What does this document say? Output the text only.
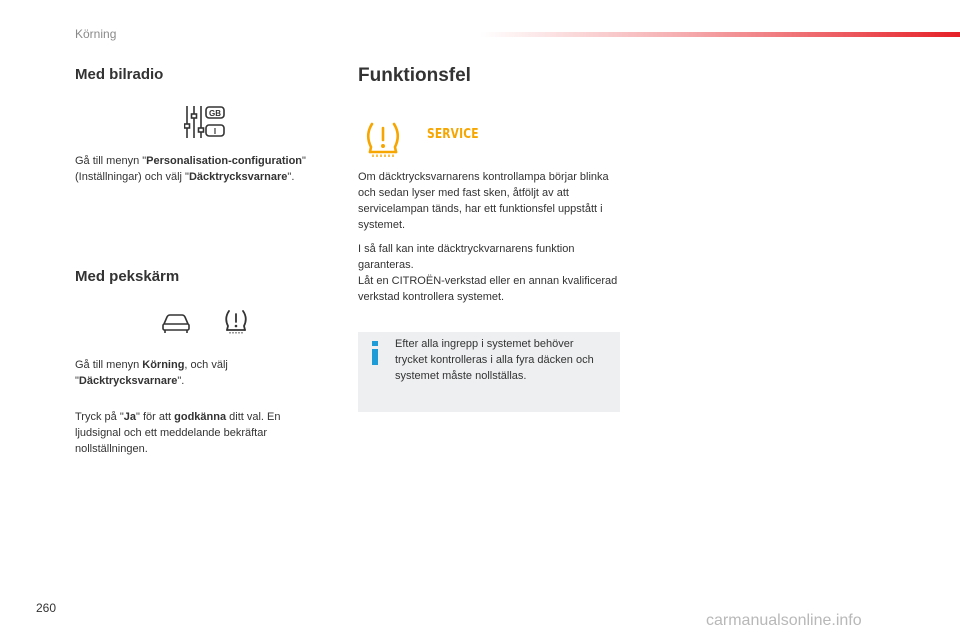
Körning
Med bilradio
GB
I

Gå till menyn "Personalisation-configuration" (Inställningar) och välj "Däcktrycksvarnare".

Med pekskärm

Gå till menyn Körning, och välj "Däcktrycksvarnare".

Tryck på "Ja" för att godkänna ditt val. En ljudsignal och ett meddelande bekräftar nollställningen.

Funktionsfel
SERVICE

Om däcktrycksvarnarens kontrollampa börjar blinka och sedan lyser med fast sken, åtföljt av att servicelampan tänds, har ett funktionsfel uppstått i systemet.

I så fall kan inte däcktryckvarnarens funktion garanteras.

Låt en CITROËN-verkstad eller en annan kvalificerad verkstad kontrollera systemet.

Efter alla ingrepp i systemet behöver trycket kontrolleras i alla fyra däcken och systemet måste nollställas.

260
carmanualsonline.info
